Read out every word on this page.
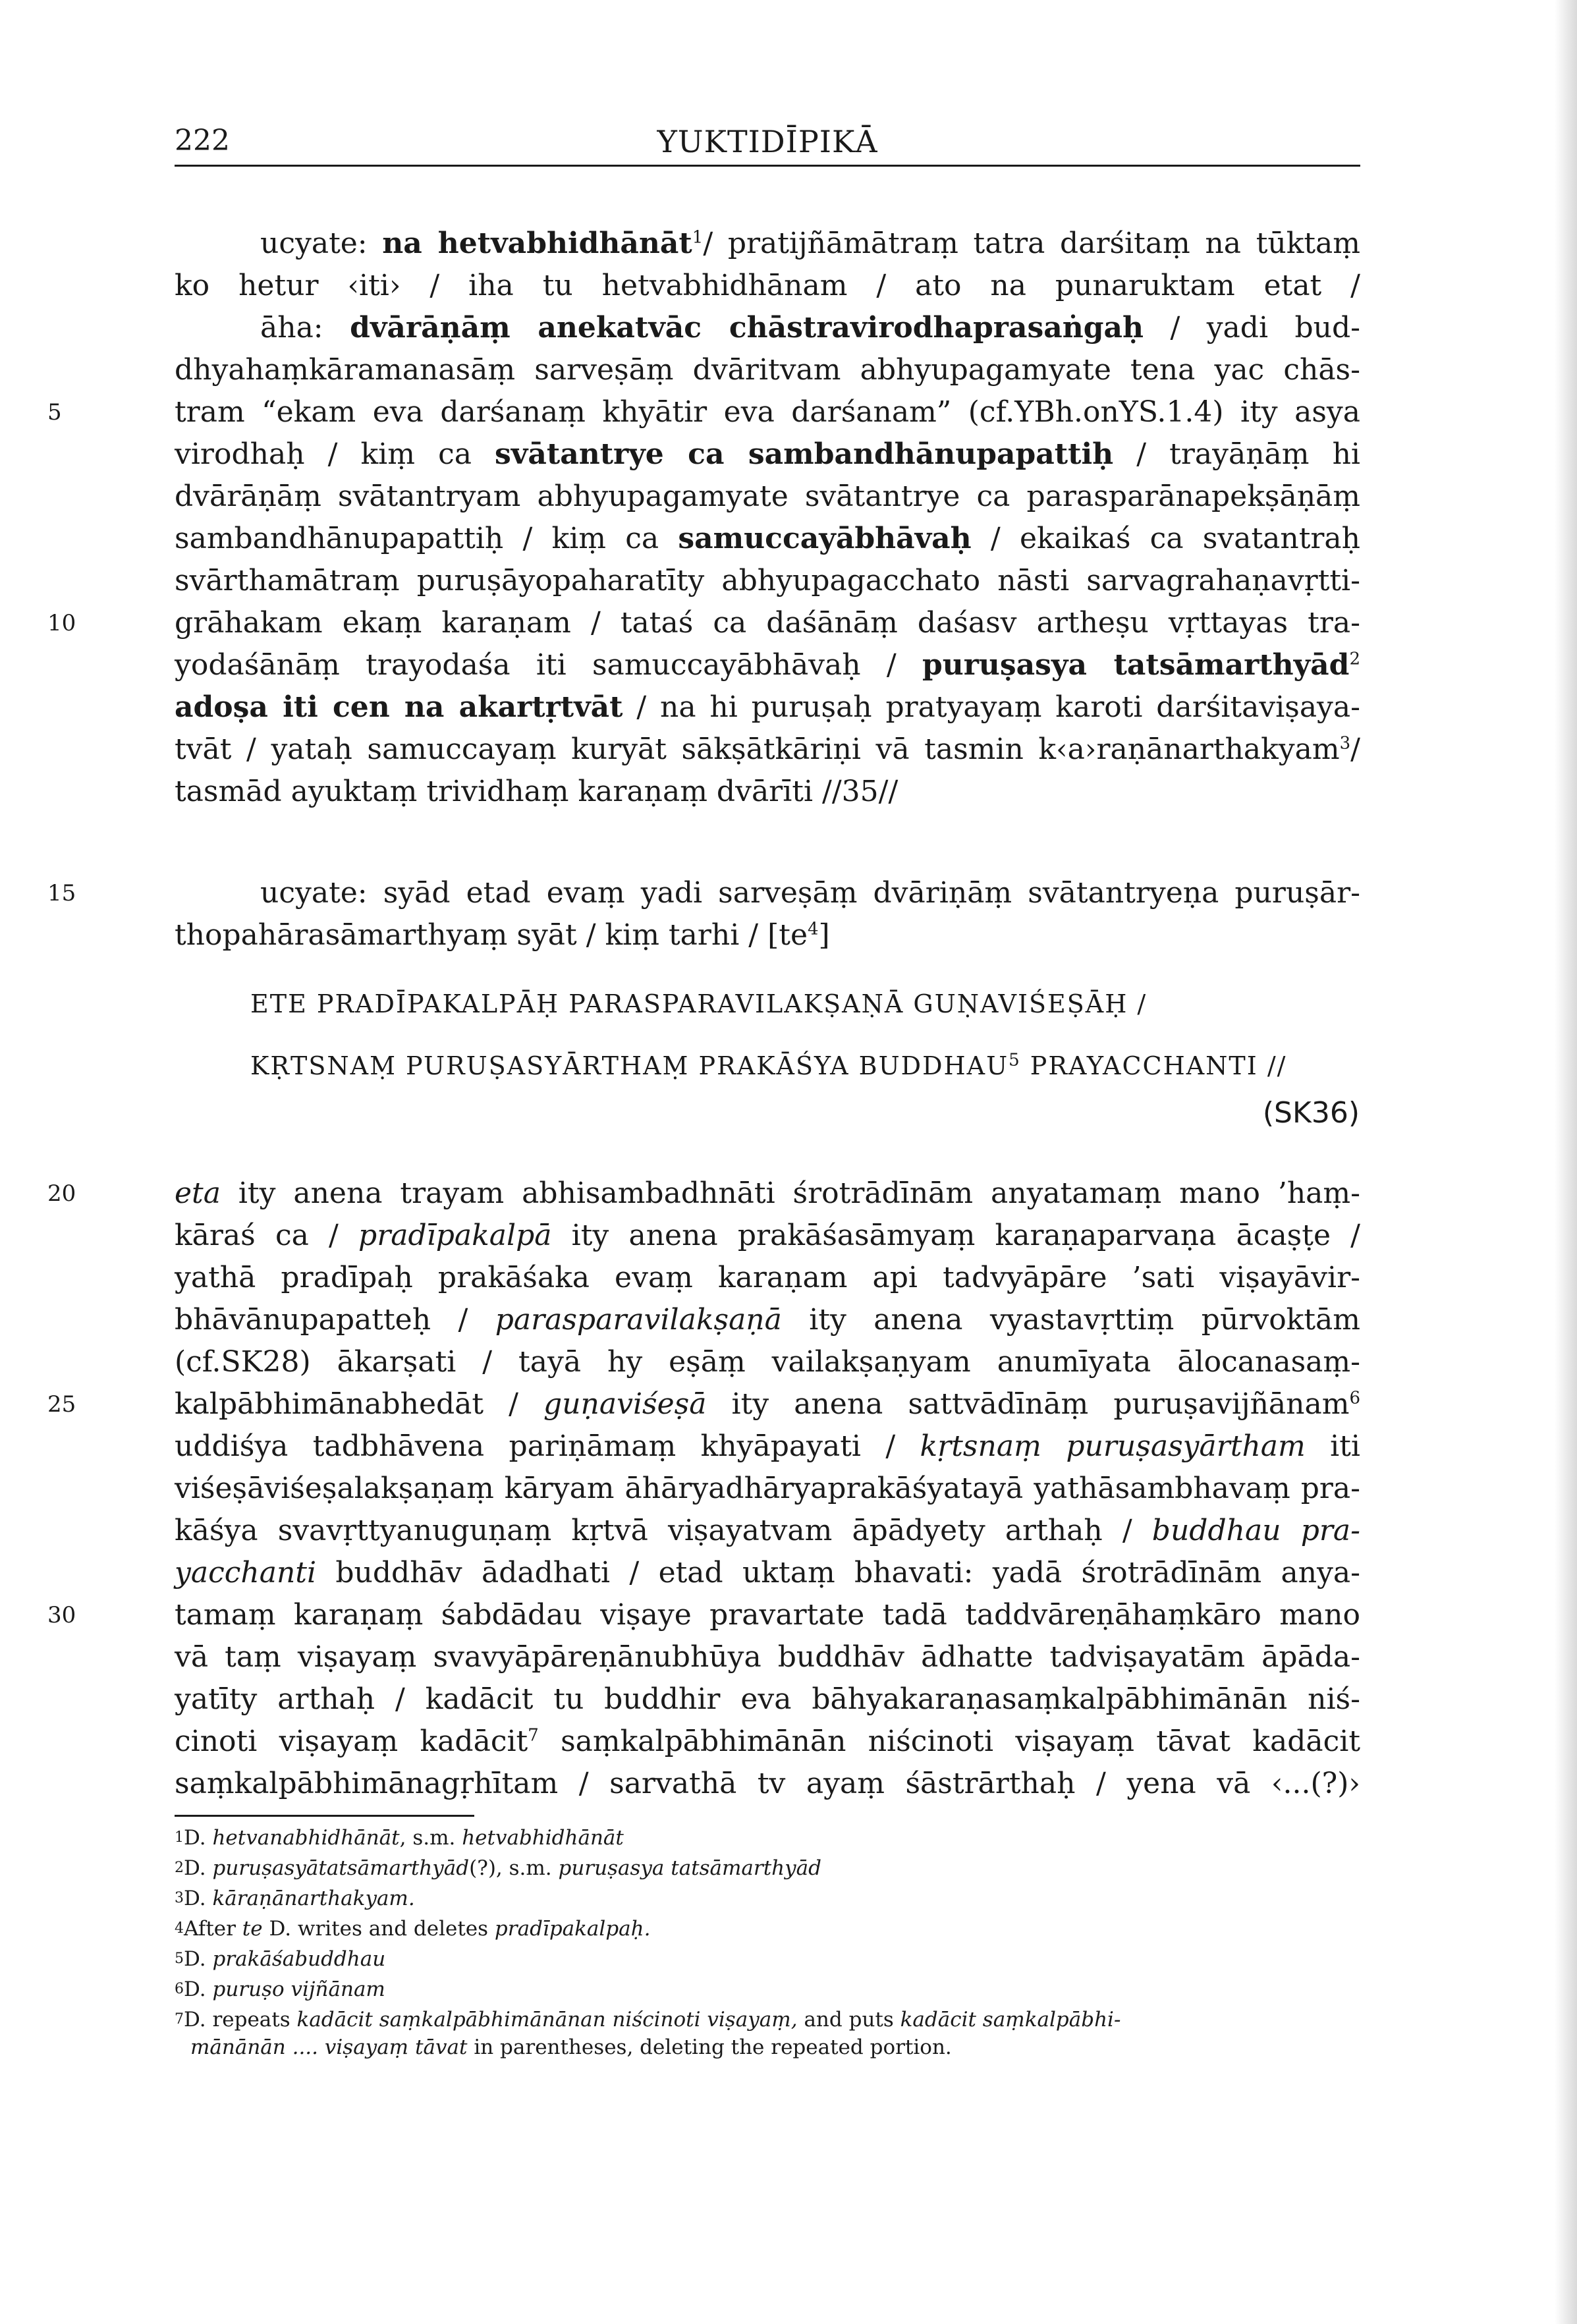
222	YUKTIDĪPIKĀ
5
10
15
20
25
30
ucyate: na hetvabhidhānāt$^1$/ pratijñāmātraṃ tatra darśitaṃ na tūktaṃ
ko hetur ‹iti› / iha tu hetvabhidhānam / ato na punaruktam etat /
āha: dvārāṇāṃ anekatvāc chāstravirodhaprasaṅgaḥ / yadi bud-
dhyahaṃkāramanasāṃ sarveṣāṃ dvāritvam abhyupagamyate tena yac chās-
tram “ekam eva darśanaṃ khyātir eva darśanam” (cf.YBh.onYS.1.4) ity asya
virodhaḥ / kiṃ ca svātantrye ca sambandhānupapattiḥ / trayāṇāṃ hi
dvārāṇāṃ svātantryam abhyupagamyate svātantrye ca parasparānapekṣāṇāṃ
sambandhānupapattiḥ / kiṃ ca samuccayābhāvaḥ / ekaikaś ca svatantraḥ
svārthamātraṃ puruṣāyopaharatīty abhyupagacchato nāsti sarvagrahaṇavṛtti-
grāhakam ekaṃ karaṇam / tataś ca daśānāṃ daśasv artheṣu vṛttayas tra-
yodaśānāṃ trayodaśa iti samuccayābhāvaḥ / puruṣasya tatsāmarthyād$^2$
adoṣa iti cen na akartṛtvāt / na hi puruṣaḥ pratyayaṃ karoti darśitaviṣaya-
tvāt / yataḥ samuccayaṃ kuryāt sākṣātkāriṇi vā tasmin k‹a›raṇānarthakyam$^3$/
tasmād ayuktaṃ trividhaṃ karaṇaṃ dvārīti //35//
ucyate: syād etad evaṃ yadi sarveṣāṃ dvāriṇāṃ svātantryeṇa puruṣār-
thopahārasāmarthyaṃ syāt / kiṃ tarhi / $[te^4]$
ETE PRADĪPAKALPĀḤ PARASPARAVILAKṢAṆĀ GUṆAVIŚEṢĀḤ /
KṚTSNAṂ PURUṢASYĀRTHAṂ PRAKĀŚYA BUDDHAU$^5$ PRAYACCHANTI //
(SK36)
eta ity anena trayam abhisambadhnāti śrotrādīnām anyatamaṃ mano ’haṃ-
kāraś ca / pradīpakalpā ity anena prakāśasāmyaṃ karaṇaparvaṇa ācaṣṭe /
yathā pradīpaḥ prakāśaka evaṃ karaṇam api tadvyāpāre ’sati viṣayāvir-
bhāvānupapatteḥ / parasparavilakṣaṇā ity anena vyastavṛttiṃ pūrvoktām
(cf.SK28) ākarṣati / tayā hy eṣāṃ vailakṣaṇyam anumīyata ālocanasaṃ-
kalpābhimānabhedāt / guṇaviśeṣā ity anena sattvādīnāṃ puruṣavijñānam$^6$
uddiśya tadbhāvena pariṇāmaṃ khyāpayati / kṛtsnaṃ puruṣasyārtham iti
viśeṣāviśeṣalakṣaṇaṃ kāryam āhāryadhāryaprakāśyatayā yathāsambhavaṃ pra-
kāśya svavṛttyanuguṇaṃ kṛtvā viṣayatvam āpādyety arthaḥ / buddhau pra-
yacchanti buddhāv ādadhati / etad uktaṃ bhavati: yadā śrotrādīnām anya-
tamaṃ karaṇaṃ śabdādau viṣaye pravartate tadā taddvāreṇāhaṃkāro mano
vā taṃ viṣayaṃ svavyāpāreṇānubhūya buddhāv ādhatte tadviṣayatām āpāda-
yatīty arthaḥ / kadācit tu buddhir eva bāhyakaraṇasaṃkalpābhimānān niś-
cinoti viṣayaṃ kadācit$^7$ saṃkalpābhimānān niścinoti viṣayaṃ tāvat kadācit
saṃkalpābhimānagṛhītam / sarvathā tv ayaṃ śāstrārthaḥ / yena vā ‹...(?)›
$^1$D. hetvanabhidhānāt, s.m. hetvabhidhānāt
$^2$D. puruṣasyātatsāmarthyād(?), s.m. puruṣasya tatsāmarthyād
$^3$D. kāraṇānarthakyam.
$^4$After te D. writes and deletes pradīpakalpaḥ.
$^5$D. prakāśabuddhau
$^6$D. puruṣo vijñānam
$^7$D. repeats kadācit saṃkalpābhimānānan niścinoti viṣayaṃ, and puts kadācit saṃkalpābhi-
mānānān .... viṣayaṃ tāvat in parentheses, deleting the repeated portion.
